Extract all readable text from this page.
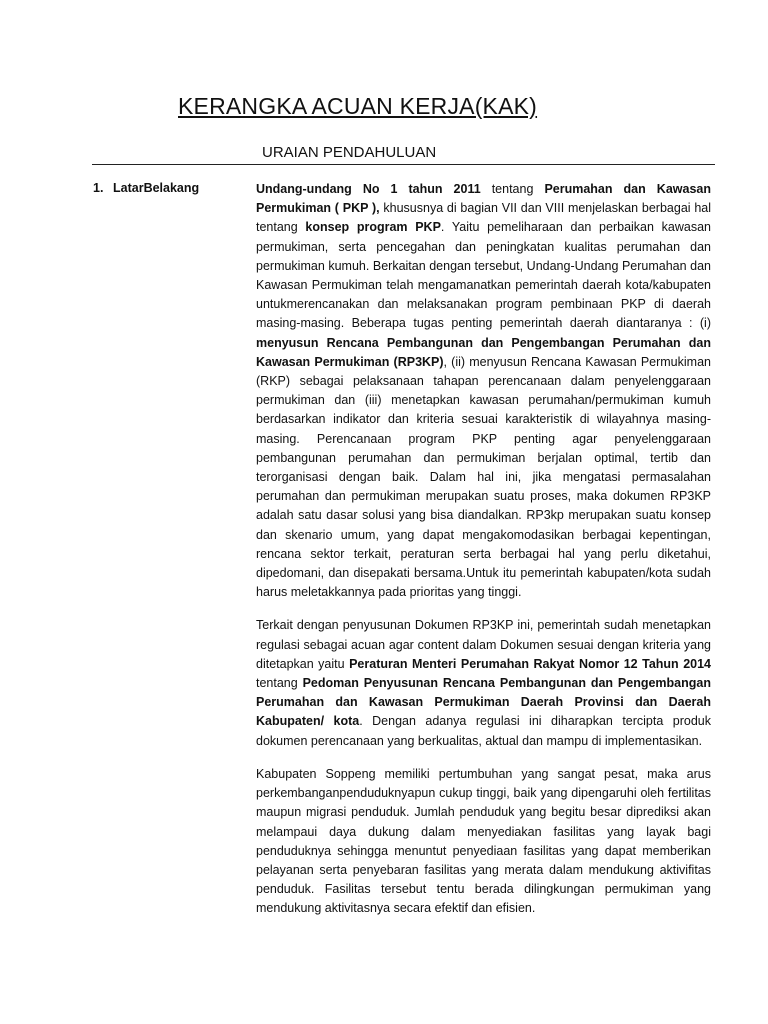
KERANGKA ACUAN KERJA(KAK)
URAIAN PENDAHULUAN
1. LatarBelakang	Undang-undang No 1 tahun 2011 tentang Perumahan dan Kawasan Permukiman ( PKP ), khususnya di bagian VII dan VIII menjelaskan berbagai hal tentang konsep program PKP. Yaitu pemeliharaan dan perbaikan kawasan permukiman, serta pencegahan dan peningkatan kualitas perumahan dan permukiman kumuh. Berkaitan dengan tersebut, Undang-Undang Perumahan dan Kawasan Permukiman telah mengamanatkan pemerintah daerah kota/kabupaten untukmerencanakan dan melaksanakan program pembinaan PKP di daerah masing-masing. Beberapa tugas penting pemerintah daerah diantaranya : (i) menyusun Rencana Pembangunan dan Pengembangan Perumahan dan Kawasan Permukiman (RP3KP), (ii) menyusun Rencana Kawasan Permukiman (RKP) sebagai pelaksanaan tahapan perencanaan dalam penyelenggaraan permukiman dan (iii) menetapkan kawasan perumahan/permukiman kumuh berdasarkan indikator dan kriteria sesuai karakteristik di wilayahnya masing-masing. Perencanaan program PKP penting agar penyelenggaraan pembangunan perumahan dan permukiman berjalan optimal, tertib dan terorganisasi dengan baik. Dalam hal ini, jika mengatasi permasalahan perumahan dan permukiman merupakan suatu proses, maka dokumen RP3KP adalah satu dasar solusi yang bisa diandalkan. RP3kp merupakan suatu konsep dan skenario umum, yang dapat mengakomodasikan berbagai kepentingan, rencana sektor terkait, peraturan serta berbagai hal yang perlu diketahui, dipedomani, dan disepakati bersama.Untuk itu pemerintah kabupaten/kota sudah harus meletakkannya pada prioritas yang tinggi.

Terkait dengan penyusunan Dokumen RP3KP ini, pemerintah sudah menetapkan regulasi sebagai acuan agar content dalam Dokumen sesuai dengan kriteria yang ditetapkan yaitu Peraturan Menteri Perumahan Rakyat Nomor 12 Tahun 2014 tentang Pedoman Penyusunan Rencana Pembangunan dan Pengembangan Perumahan dan Kawasan Permukiman Daerah Provinsi dan Daerah Kabupaten/ kota. Dengan adanya regulasi ini diharapkan tercipta produk dokumen perencanaan yang berkualitas, aktual dan mampu di implementasikan.

Kabupaten Soppeng memiliki pertumbuhan yang sangat pesat, maka arus perkembanganpenduduknyapun cukup tinggi, baik yang dipengaruhi oleh fertilitas maupun migrasi penduduk. Jumlah penduduk yang begitu besar diprediksi akan melampaui daya dukung dalam menyediakan fasilitas yang layak bagi penduduknya sehingga menuntut penyediaan fasilitas yang dapat memberikan pelayanan serta penyebaran fasilitas yang merata dalam mendukung aktivifitas penduduk. Fasilitas tersebut tentu berada dilingkungan permukiman yang mendukung aktivitasnya secara efektif dan efisien.
